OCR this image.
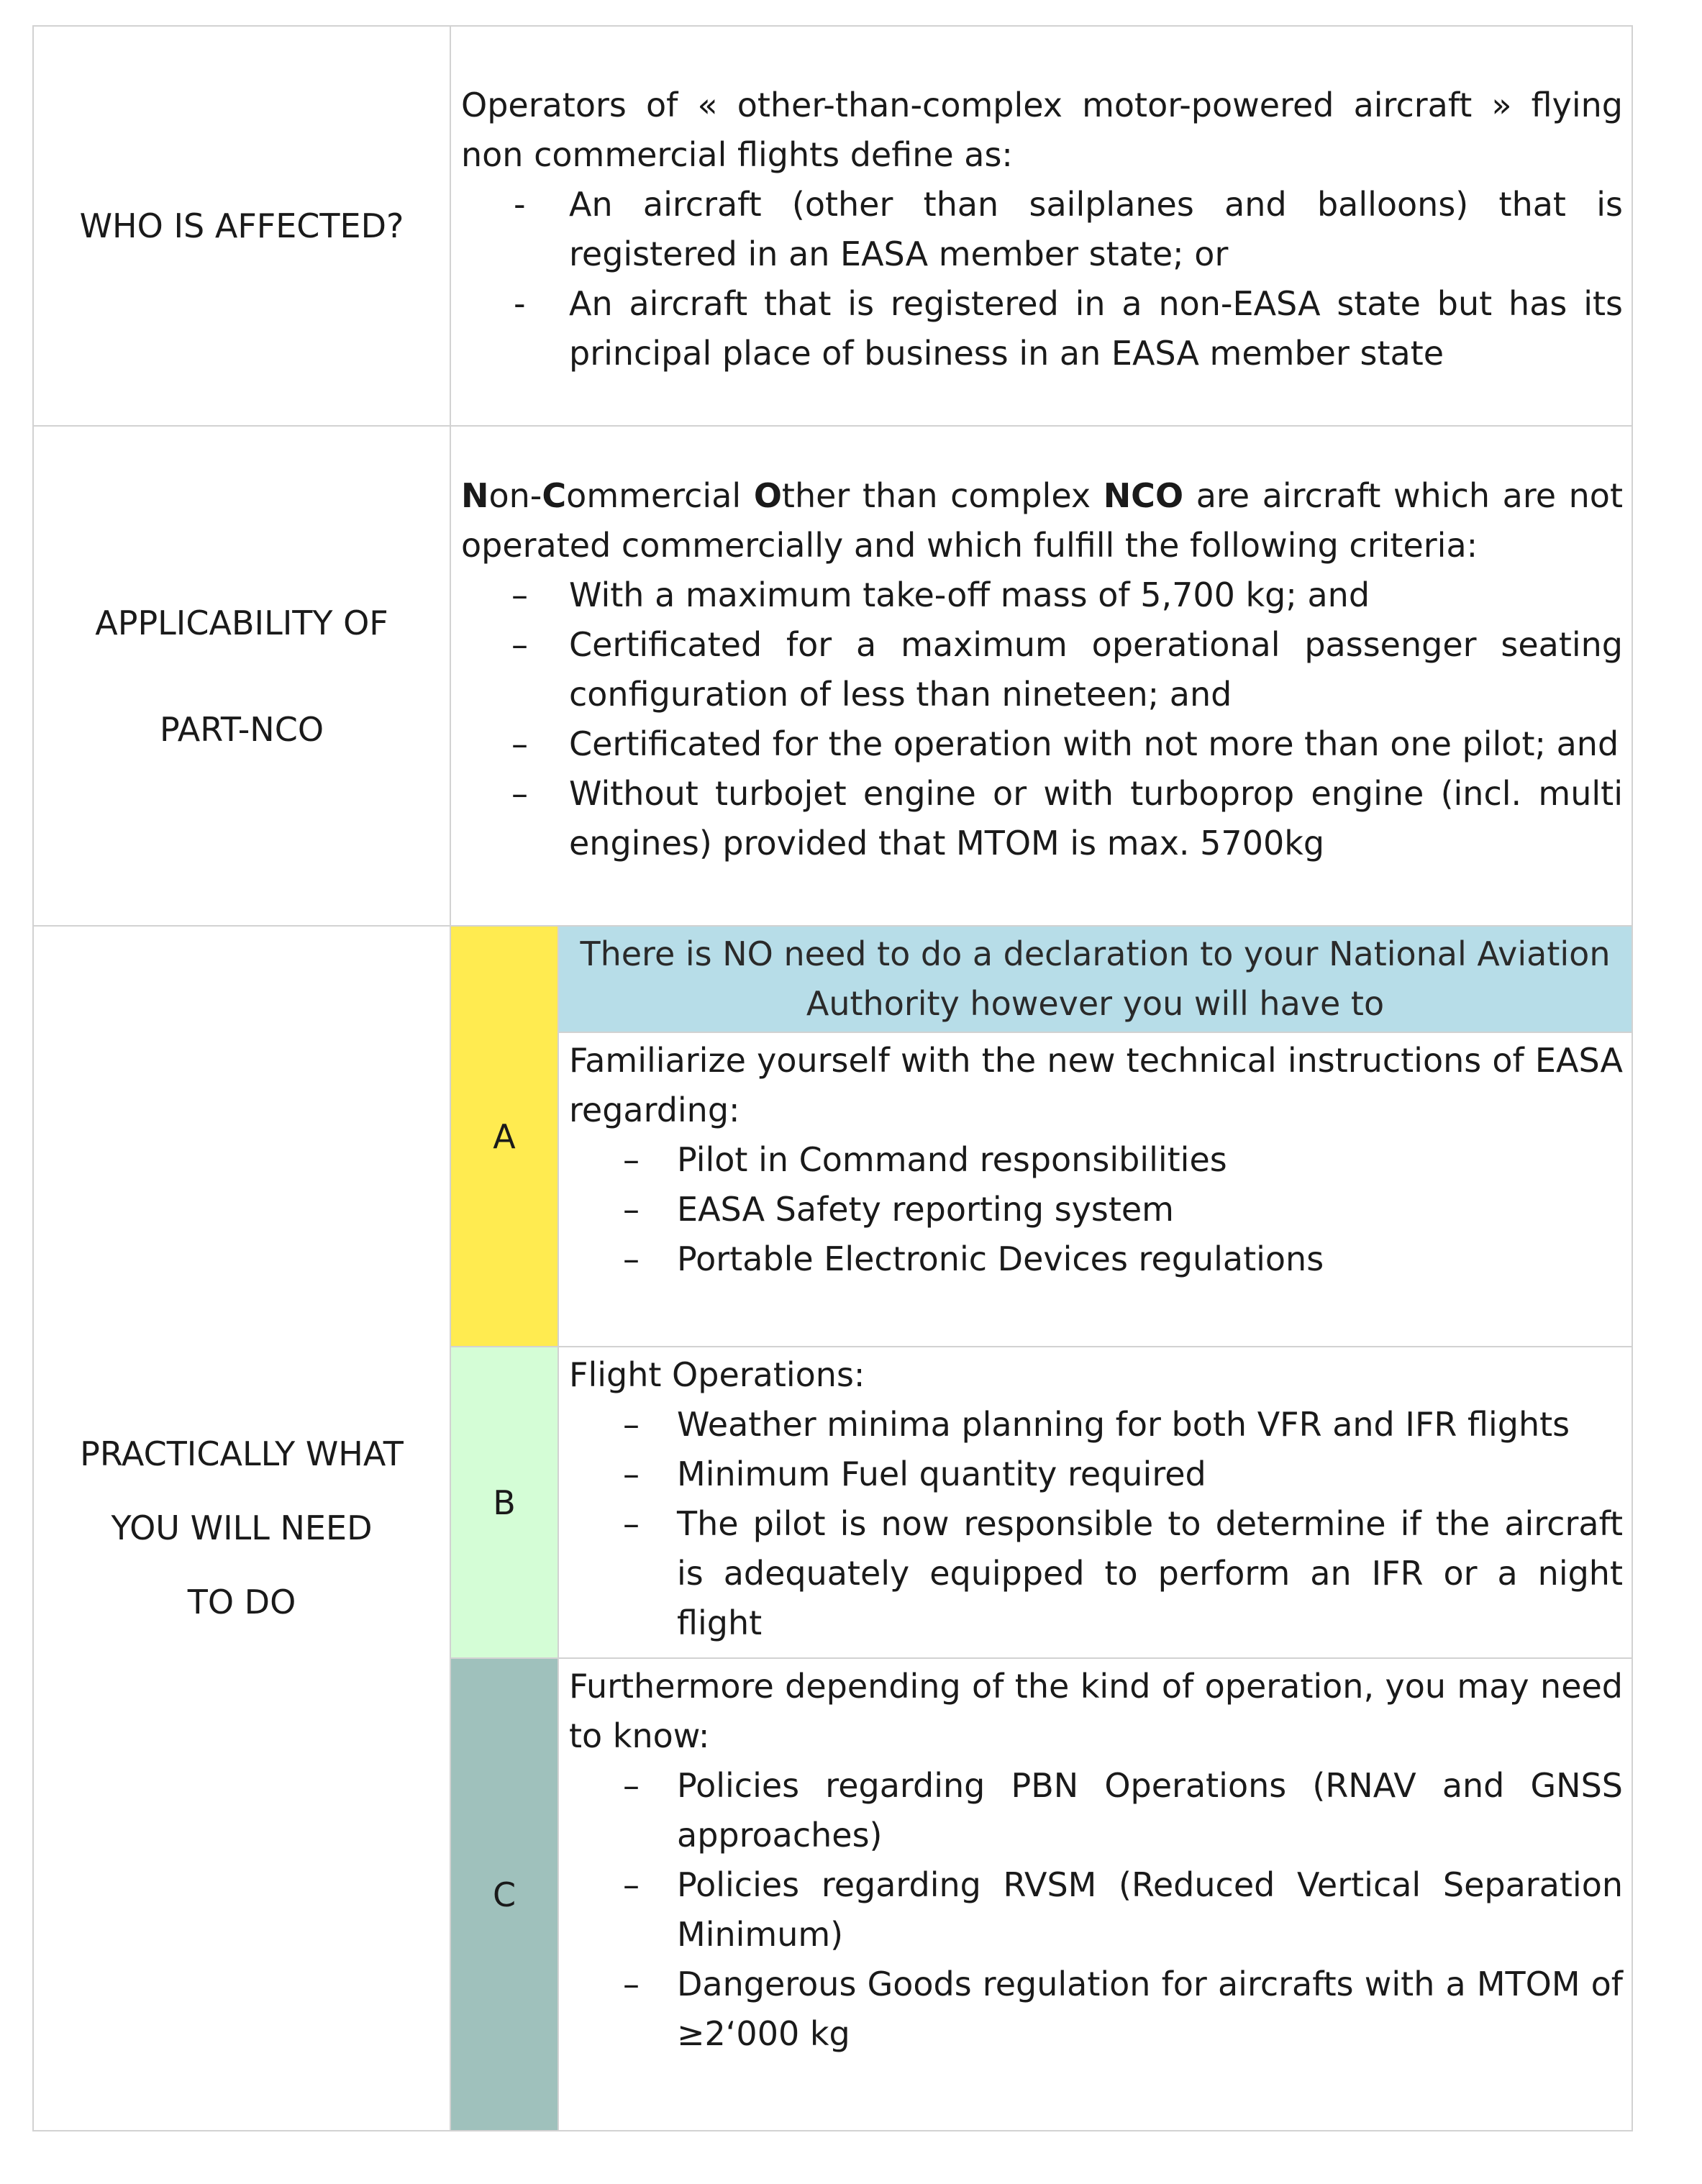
WHO IS AFFECTED?

Operators of « other-than-complex motor-powered aircraft » flying non commercial flights define as:

- An aircraft (other than sailplanes and balloons) that is registered in an EASA member state; or
- An aircraft that is registered in a non-EASA state but has its principal place of business in an EASA member state

APPLICABILITY OF

PART-NCO

Non-Commercial Other than complex NCO are aircraft which are not operated commercially and which fulfill the following criteria:

– With a maximum take-off mass of 5,700 kg; and
– Certificated for a maximum operational passenger seating configuration of less than nineteen; and
– Certificated for the operation with not more than one pilot; and
– Without turbojet engine or with turboprop engine (incl. multi engines) provided that MTOM is max. 5700kg

PRACTICALLY WHAT

YOU WILL NEED

TO DO

A
There is NO need to do a declaration to your National Aviation Authority however you will have to

Familiarize yourself with the new technical instructions of EASA regarding:

– Pilot in Command responsibilities
– EASA Safety reporting system
– Portable Electronic Devices regulations
B

Flight Operations:

– Weather minima planning for both VFR and IFR flights
– Minimum Fuel quantity required
– The pilot is now responsible to determine if the aircraft is adequately equipped to perform an IFR or a night flight
C

Furthermore depending of the kind of operation, you may need to know:

– Policies regarding PBN Operations (RNAV and GNSS approaches)
– Policies regarding RVSM (Reduced Vertical Separation Minimum)
– Dangerous Goods regulation for aircrafts with a MTOM of ≥2‘000 kg
